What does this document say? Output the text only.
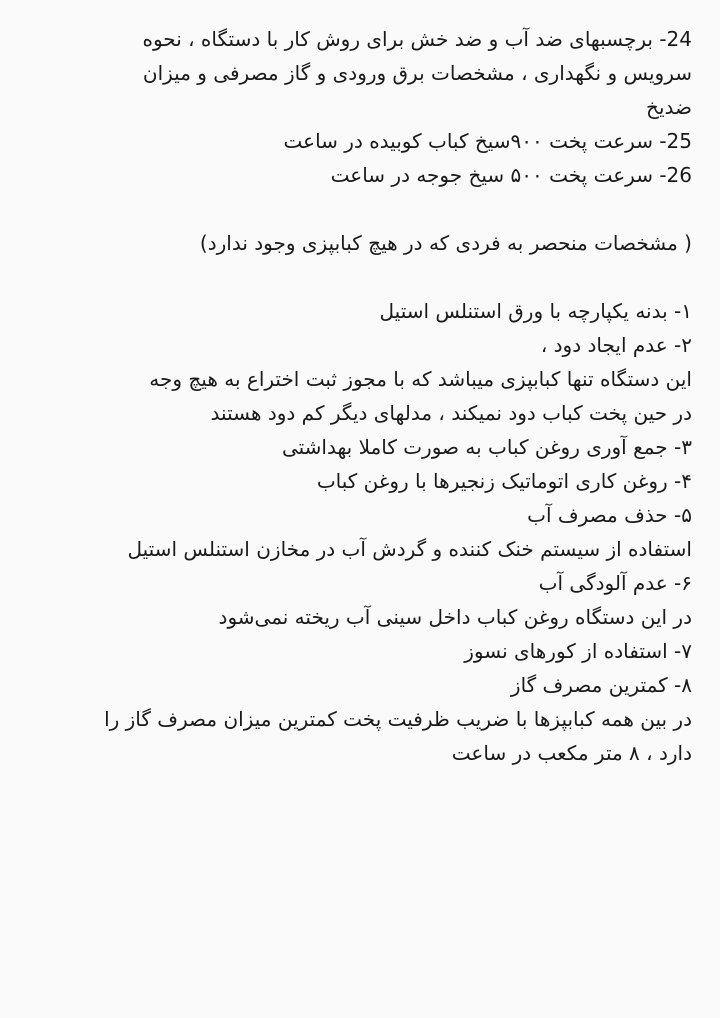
24- برچسبهای ضد آب و ضد خش برای روش کار با دستگاه ، نحوه
سرویس و نگهداری ، مشخصات برق ورودی و گاز مصرفی و میزان
ضدیخ
25- سرعت پخت ۹۰۰سیخ کباب کوبیده در ساعت
26- سرعت پخت ۵۰۰ سیخ جوجه در ساعت
( مشخصات منحصر به فردی که در هیچ کبابپزی وجود ندارد)
۱- بدنه یکپارچه با ورق استنلس استیل
۲- عدم ایجاد دود ،
این دستگاه تنها کبابپزی میباشد که با مجوز ثبت اختراع به هیچ وجه
در حین پخت کباب دود نمیکند ، مدلهای دیگر کم دود هستند
۳- جمع آوری روغن کباب به صورت کاملا بهداشتی
۴- روغن کاری اتوماتیک زنجیرها با روغن کباب
۵- حذف مصرف آب
استفاده از سیستم خنک کننده و گردش آب در مخازن استنلس استیل
۶- عدم آلودگی آب
در این دستگاه روغن کباب داخل سینی آب ریخته نمی‌شود
۷- استفاده از کورهای نسوز
۸- کمترین مصرف گاز
در بین همه کبابپزها با ضریب ظرفیت پخت کمترین میزان مصرف گاز را
دارد ، ۸ متر مکعب در ساعت
